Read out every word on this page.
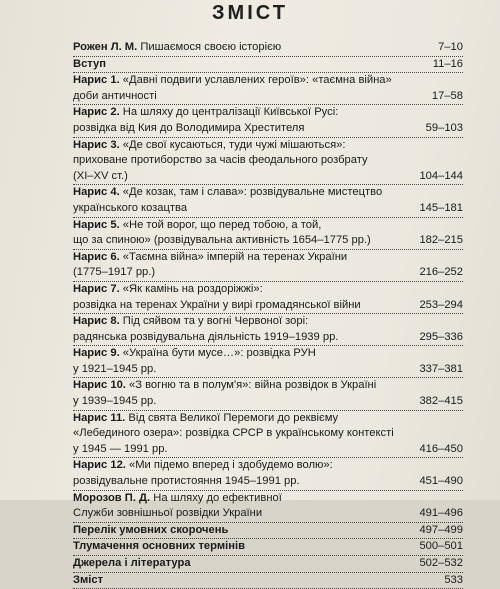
ЗМІСТ
Рожен Л. М. Пишаємося своєю історією	7–10
Вступ	11–16
Нарис 1. «Давні подвиги уславлених героїв»: «таємна війна»
доби античності	17–58
Нарис 2. На шляху до централізації Київської Русі:
розвідка від Кия до Володимира Хрестителя	59–103
Нарис 3. «Де свої кусаються, туди чужі мішаються»:
приховане протиборство за часів феодального розбрату
(XI–XV ст.)	104–144
Нарис 4. «Де козак, там і слава»: розвідувальне мистецтво
українського козацтва	145–181
Нарис 5. «Не той ворог, що перед тобою, а той,
що за спиною» (розвідувальна активність 1654–1775 рр.)	182–215
Нарис 6. «Таємна війна» імперій на теренах України
(1775–1917 рр.)	216–252
Нарис 7. «Як камінь на роздоріжжі»:
розвідка на теренах України у вирі громадянської війни	253–294
Нарис 8. Під сяйвом та у вогні Червоної зорі:
радянська розвідувальна діяльність 1919–1939 рр.	295–336
Нарис 9. «Україна бути мусе…»: розвідка РУН
у 1921–1945 рр.	337–381
Нарис 10. «З вогню та в полум'я»: війна розвідок в Україні
у 1939–1945 рр.	382–415
Нарис 11. Від свята Великої Перемоги до реквієму
«Лебединого озера»: розвідка СРСР в українському контексті
у 1945 — 1991 рр.	416–450
Нарис 12. «Ми підемо вперед і здобудемо волю»:
розвідувальне протистояння 1945–1991 рр.	451–490
Морозов П. Д. На шляху до ефективної
Служби зовнішньої розвідки України	491–496
Перелік умовних скорочень	497–499
Тлумачення основних термінів	500–501
Джерела і література	502–532
Зміст	533
